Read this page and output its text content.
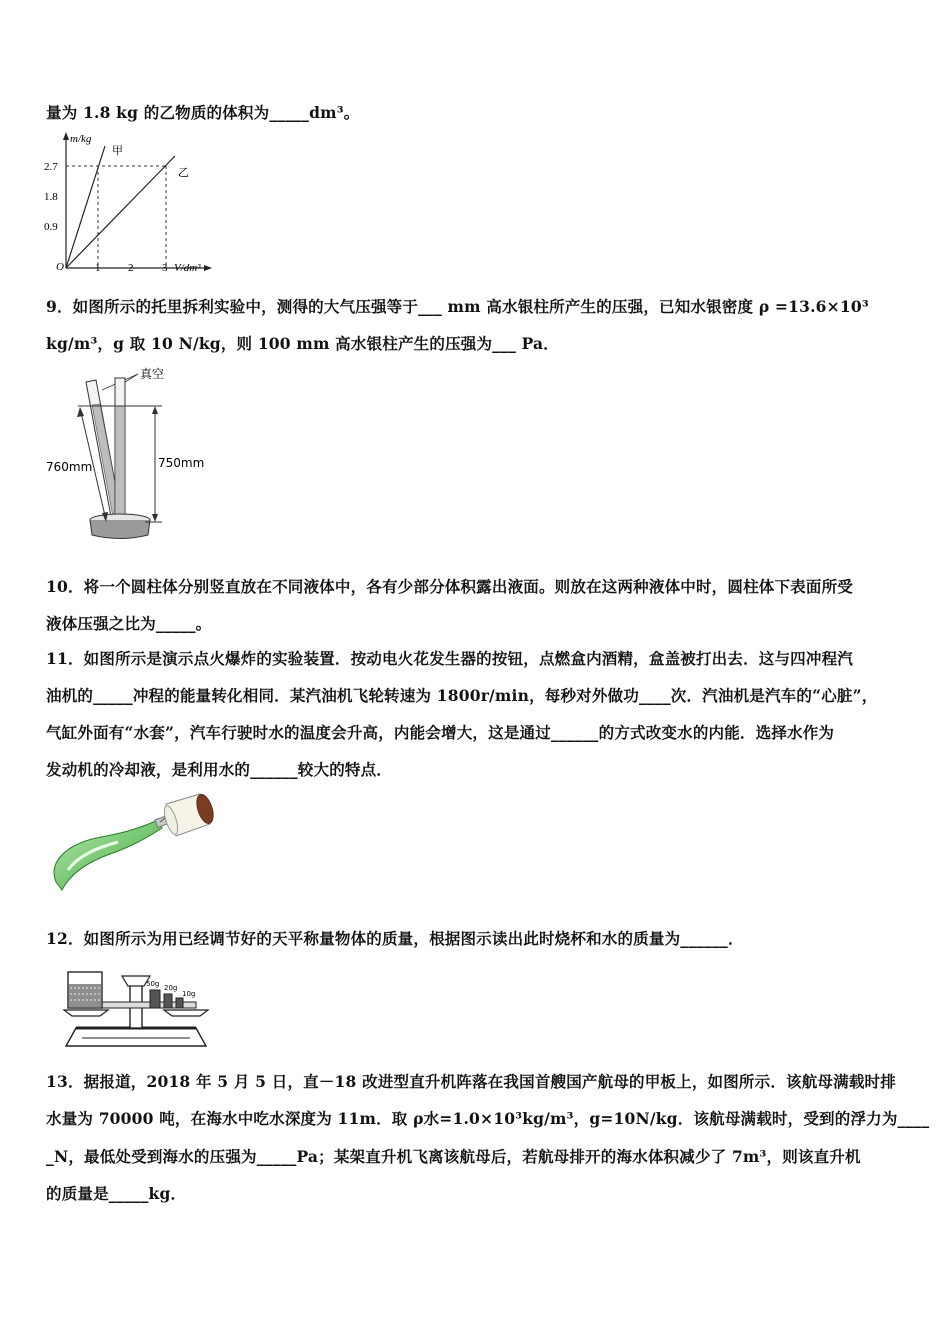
量为 1.8 kg 的乙物质的体积为_____dm³。
m/kg
甲
乙
2.7
1.8
0.9
O	1	2	3 V/dm³
9．如图所示的托里拆利实验中，测得的大气压强等于___ mm 高水银柱所产生的压强，已知水银密度 ρ =13.6×10³
kg/m³，g 取 10 N/kg，则 100 mm 高水银柱产生的压强为___ Pa．
真空
750mm
760mm
10．将一个圆柱体分别竖直放在不同液体中，各有少部分体积露出液面。则放在这两种液体中时，圆柱体下表面所受
液体压强之比为_____。
11．如图所示是演示点火爆炸的实验装置．按动电火花发生器的按钮，点燃盒内酒精，盒盖被打出去．这与四冲程汽
油机的_____冲程的能量转化相同．某汽油机飞轮转速为 1800r/min，每秒对外做功____次．汽油机是汽车的“心脏”，
气缸外面有“水套”，汽车行驶时水的温度会升高，内能会增大，这是通过______的方式改变水的内能．选择水作为
发动机的冷却液，是利用水的______较大的特点．
12．如图所示为用已经调节好的天平称量物体的质量，根据图示读出此时烧杯和水的质量为______．
50g 20g
10g
13．据报道，2018 年 5 月 5 日，直－18 改进型直升机阵落在我国首艘国产航母的甲板上，如图所示．该航母满载时排
水量为 70000 吨，在海水中吃水深度为 11m．取 ρ水=1.0×10³kg/m³，g=10N/kg．该航母满载时，受到的浮力为____
_N，最低处受到海水的压强为_____Pa；某架直升机飞离该航母后，若航母排开的海水体积减少了 7m³，则该直升机
的质量是_____kg．
